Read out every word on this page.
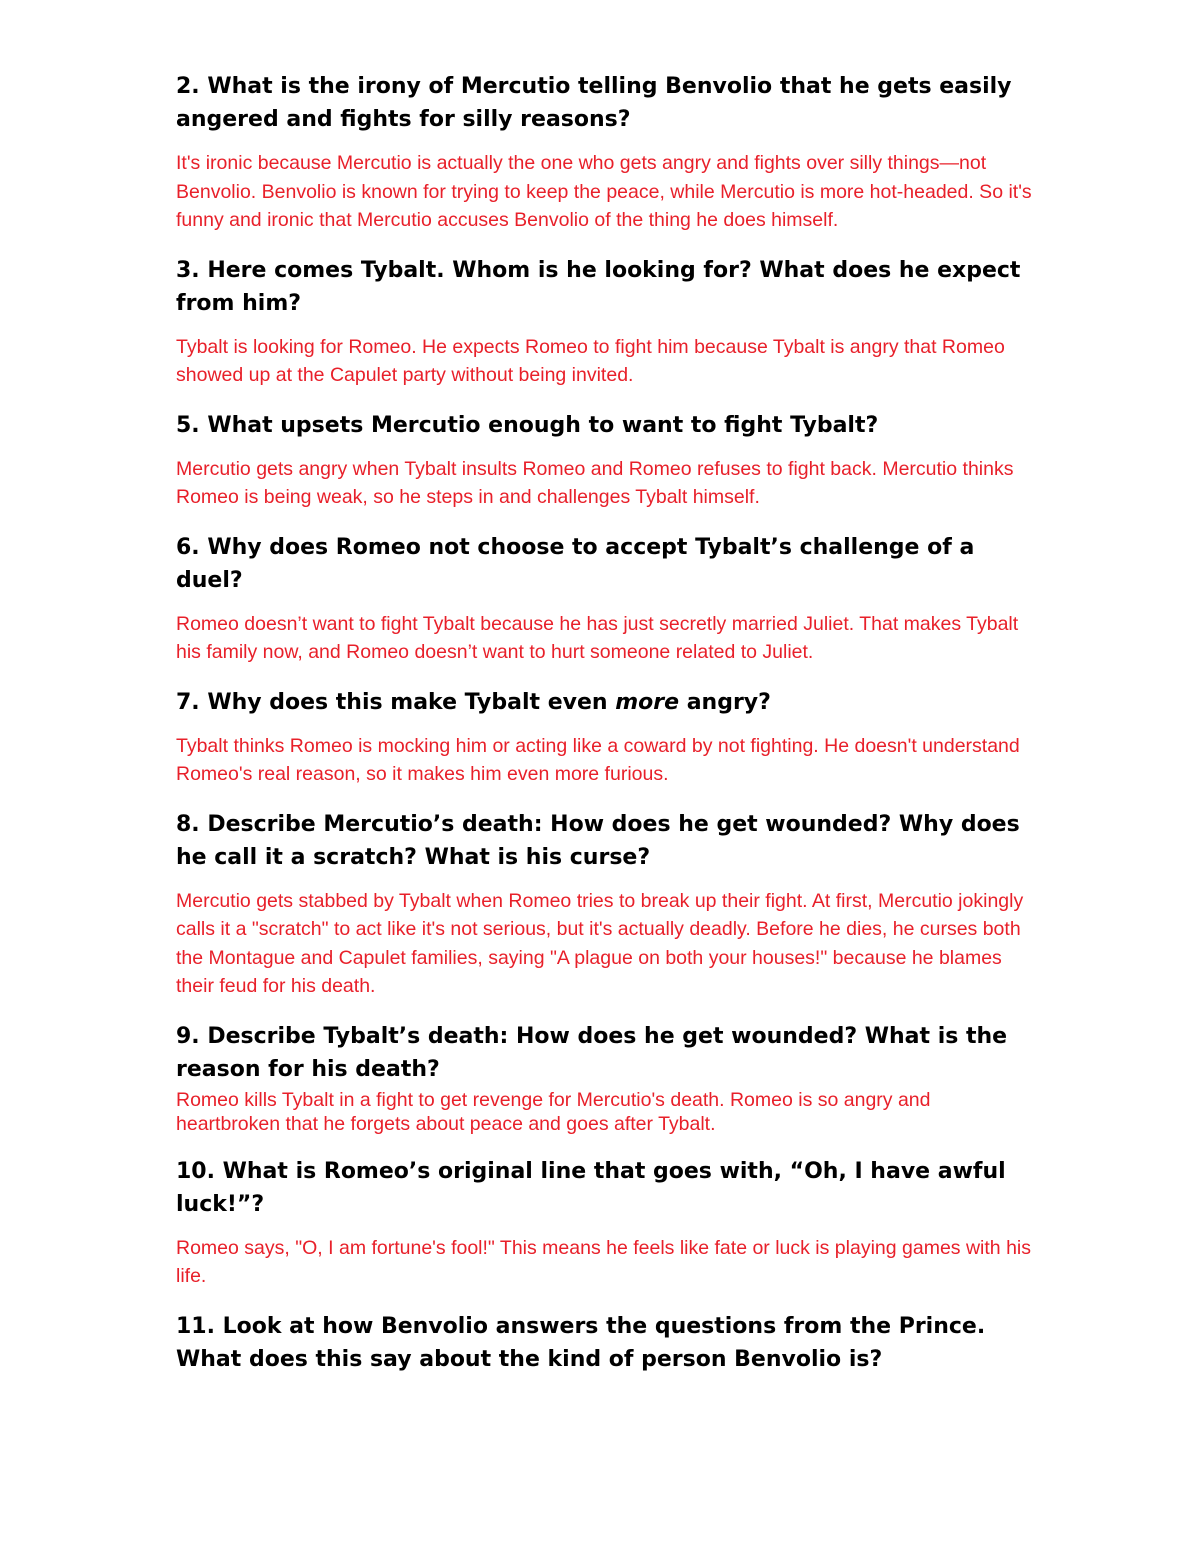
2. What is the irony of Mercutio telling Benvolio that he gets easily angered and fights for silly reasons?

It's ironic because Mercutio is actually the one who gets angry and fights over silly things—not Benvolio. Benvolio is known for trying to keep the peace, while Mercutio is more hot-headed. So it's funny and ironic that Mercutio accuses Benvolio of the thing he does himself.

3. Here comes Tybalt. Whom is he looking for? What does he expect from him?

Tybalt is looking for Romeo. He expects Romeo to fight him because Tybalt is angry that Romeo showed up at the Capulet party without being invited.

5. What upsets Mercutio enough to want to fight Tybalt?

Mercutio gets angry when Tybalt insults Romeo and Romeo refuses to fight back. Mercutio thinks Romeo is being weak, so he steps in and challenges Tybalt himself.

6. Why does Romeo not choose to accept Tybalt’s challenge of a duel?

Romeo doesn’t want to fight Tybalt because he has just secretly married Juliet. That makes Tybalt his family now, and Romeo doesn’t want to hurt someone related to Juliet.

7. Why does this make Tybalt even more angry?

Tybalt thinks Romeo is mocking him or acting like a coward by not fighting. He doesn't understand Romeo's real reason, so it makes him even more furious.

8. Describe Mercutio’s death: How does he get wounded? Why does he call it a scratch? What is his curse?

Mercutio gets stabbed by Tybalt when Romeo tries to break up their fight. At first, Mercutio jokingly calls it a "scratch" to act like it's not serious, but it's actually deadly. Before he dies, he curses both the Montague and Capulet families, saying "A plague on both your houses!" because he blames their feud for his death.

9. Describe Tybalt’s death: How does he get wounded? What is the reason for his death?

Romeo kills Tybalt in a fight to get revenge for Mercutio's death. Romeo is so angry and heartbroken that he forgets about peace and goes after Tybalt.

10. What is Romeo’s original line that goes with, “Oh, I have awful luck!”?

Romeo says, "O, I am fortune's fool!" This means he feels like fate or luck is playing games with his life.

11. Look at how Benvolio answers the questions from the Prince. What does this say about the kind of person Benvolio is?
